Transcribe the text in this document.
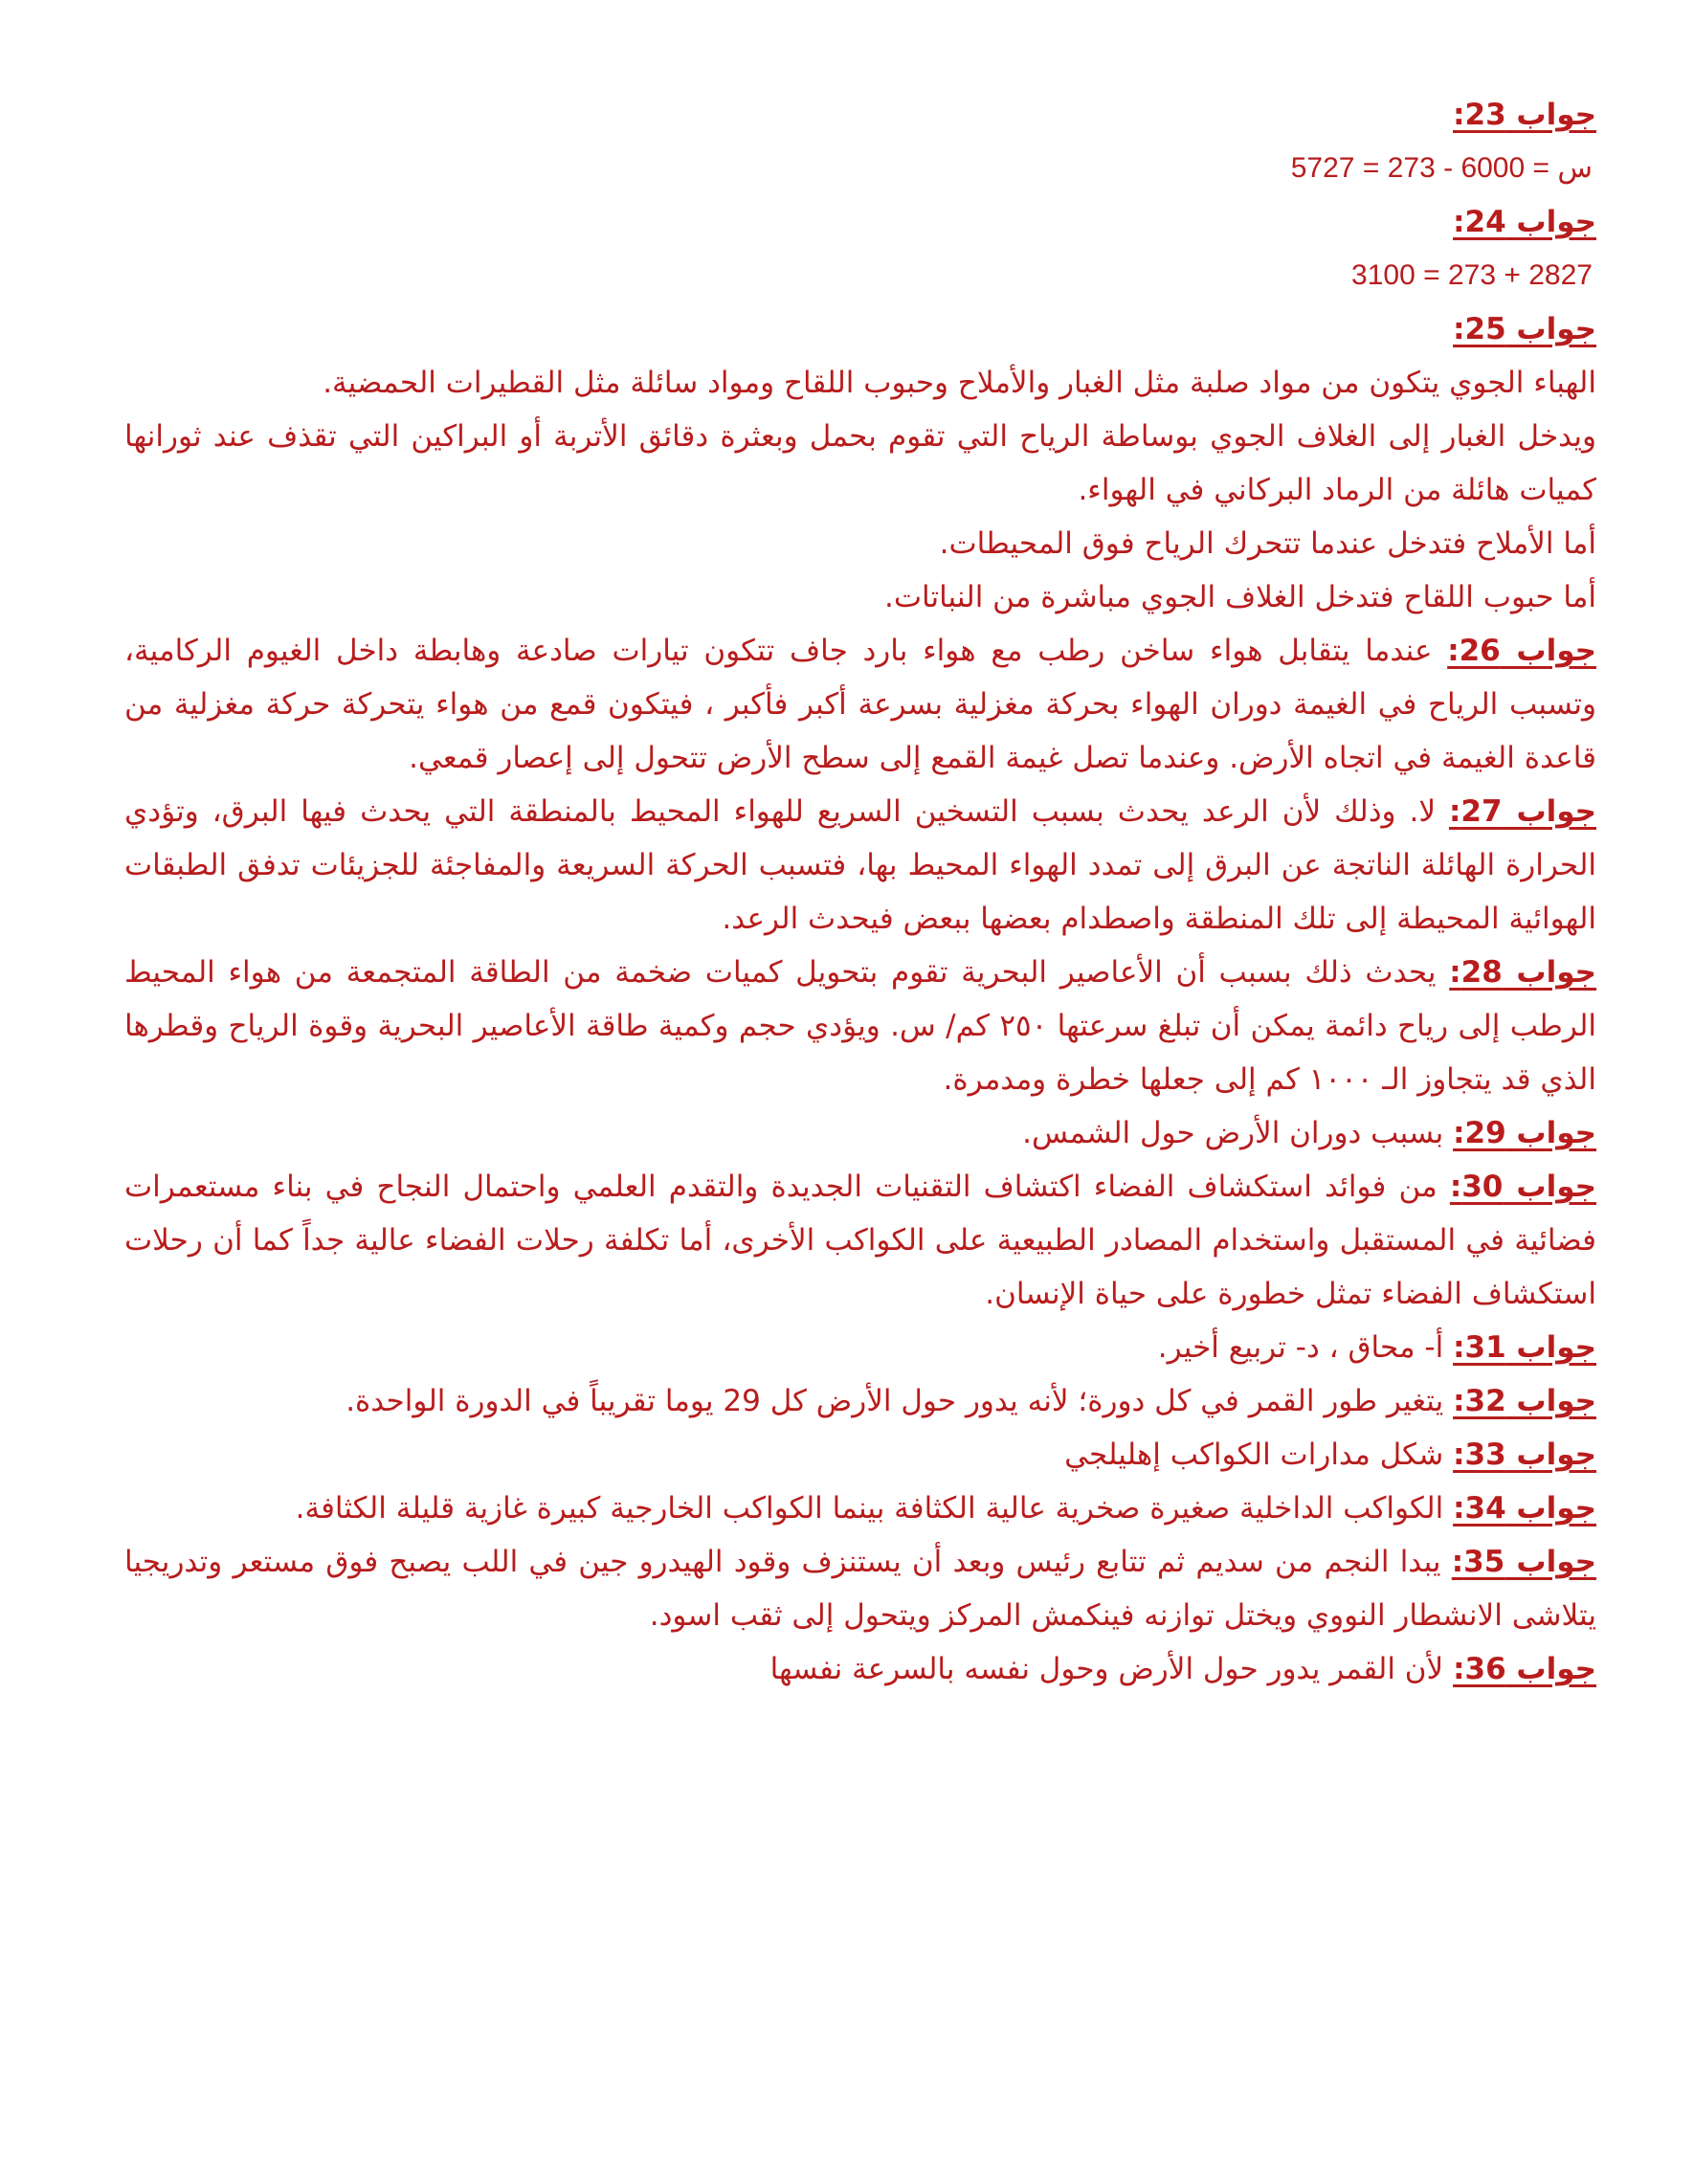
جواب 23:
س = 6000 - 273 = 5727
جواب 24:
2827 + 273 = 3100
جواب 25:
الهباء الجوي يتكون من مواد صلبة مثل الغبار والأملاح وحبوب اللقاح ومواد سائلة مثل القطيرات الحمضية.
ويدخل الغبار إلى الغلاف الجوي بوساطة الرياح التي تقوم بحمل وبعثرة دقائق الأتربة أو البراكين التي تقذف عند ثورانها كميات هائلة من الرماد البركاني في الهواء.
أما الأملاح فتدخل عندما تتحرك الرياح فوق المحيطات.
أما حبوب اللقاح فتدخل الغلاف الجوي مباشرة من النباتات.
جواب 26: عندما يتقابل هواء ساخن رطب مع هواء بارد جاف تتكون تيارات صادعة وهابطة داخل الغيوم الركامية، وتسبب الرياح في الغيمة دوران الهواء بحركة مغزلية بسرعة أكبر فأكبر ، فيتكون قمع من هواء يتحركة حركة مغزلية من قاعدة الغيمة في اتجاه الأرض. وعندما تصل غيمة القمع إلى سطح الأرض تتحول إلى إعصار قمعي.
جواب 27: لا. وذلك لأن الرعد يحدث بسبب التسخين السريع للهواء المحيط بالمنطقة التي يحدث فيها البرق، وتؤدي الحرارة الهائلة الناتجة عن البرق إلى تمدد الهواء المحيط بها، فتسبب الحركة السريعة والمفاجئة للجزيئات تدفق الطبقات الهوائية المحيطة إلى تلك المنطقة واصطدام بعضها ببعض فيحدث الرعد.
جواب 28: يحدث ذلك بسبب أن الأعاصير البحرية تقوم بتحويل كميات ضخمة من الطاقة المتجمعة من هواء المحيط الرطب إلى رياح دائمة يمكن أن تبلغ سرعتها ٢٥٠ كم/ س. ويؤدي حجم وكمية طاقة الأعاصير البحرية وقوة الرياح وقطرها الذي قد يتجاوز الـ ١٠٠٠ كم إلى جعلها خطرة ومدمرة.
جواب 29: بسبب دوران الأرض حول الشمس.
جواب 30: من فوائد استكشاف الفضاء اكتشاف التقنيات الجديدة والتقدم العلمي واحتمال النجاح في بناء مستعمرات فضائية في المستقبل واستخدام المصادر الطبيعية على الكواكب الأخرى، أما تكلفة رحلات الفضاء عالية جداً كما أن رحلات استكشاف الفضاء تمثل خطورة على حياة الإنسان.
جواب 31: أ- محاق ، د- تربيع أخير.
جواب 32: يتغير طور القمر في كل دورة؛ لأنه يدور حول الأرض كل 29 يوما تقريباً في الدورة الواحدة.
جواب 33: شكل مدارات الكواكب إهليلجي
جواب 34: الكواكب الداخلية صغيرة صخرية عالية الكثافة بينما الكواكب الخارجية كبيرة غازية قليلة الكثافة.
جواب 35: يبدا النجم من سديم ثم تتابع رئيس وبعد أن يستنزف وقود الهيدرو جين في اللب يصبح فوق مستعر وتدريجيا يتلاشى الانشطار النووي ويختل توازنه فينكمش المركز ويتحول إلى ثقب اسود.
جواب 36: لأن القمر يدور حول الأرض وحول نفسه بالسرعة نفسها
